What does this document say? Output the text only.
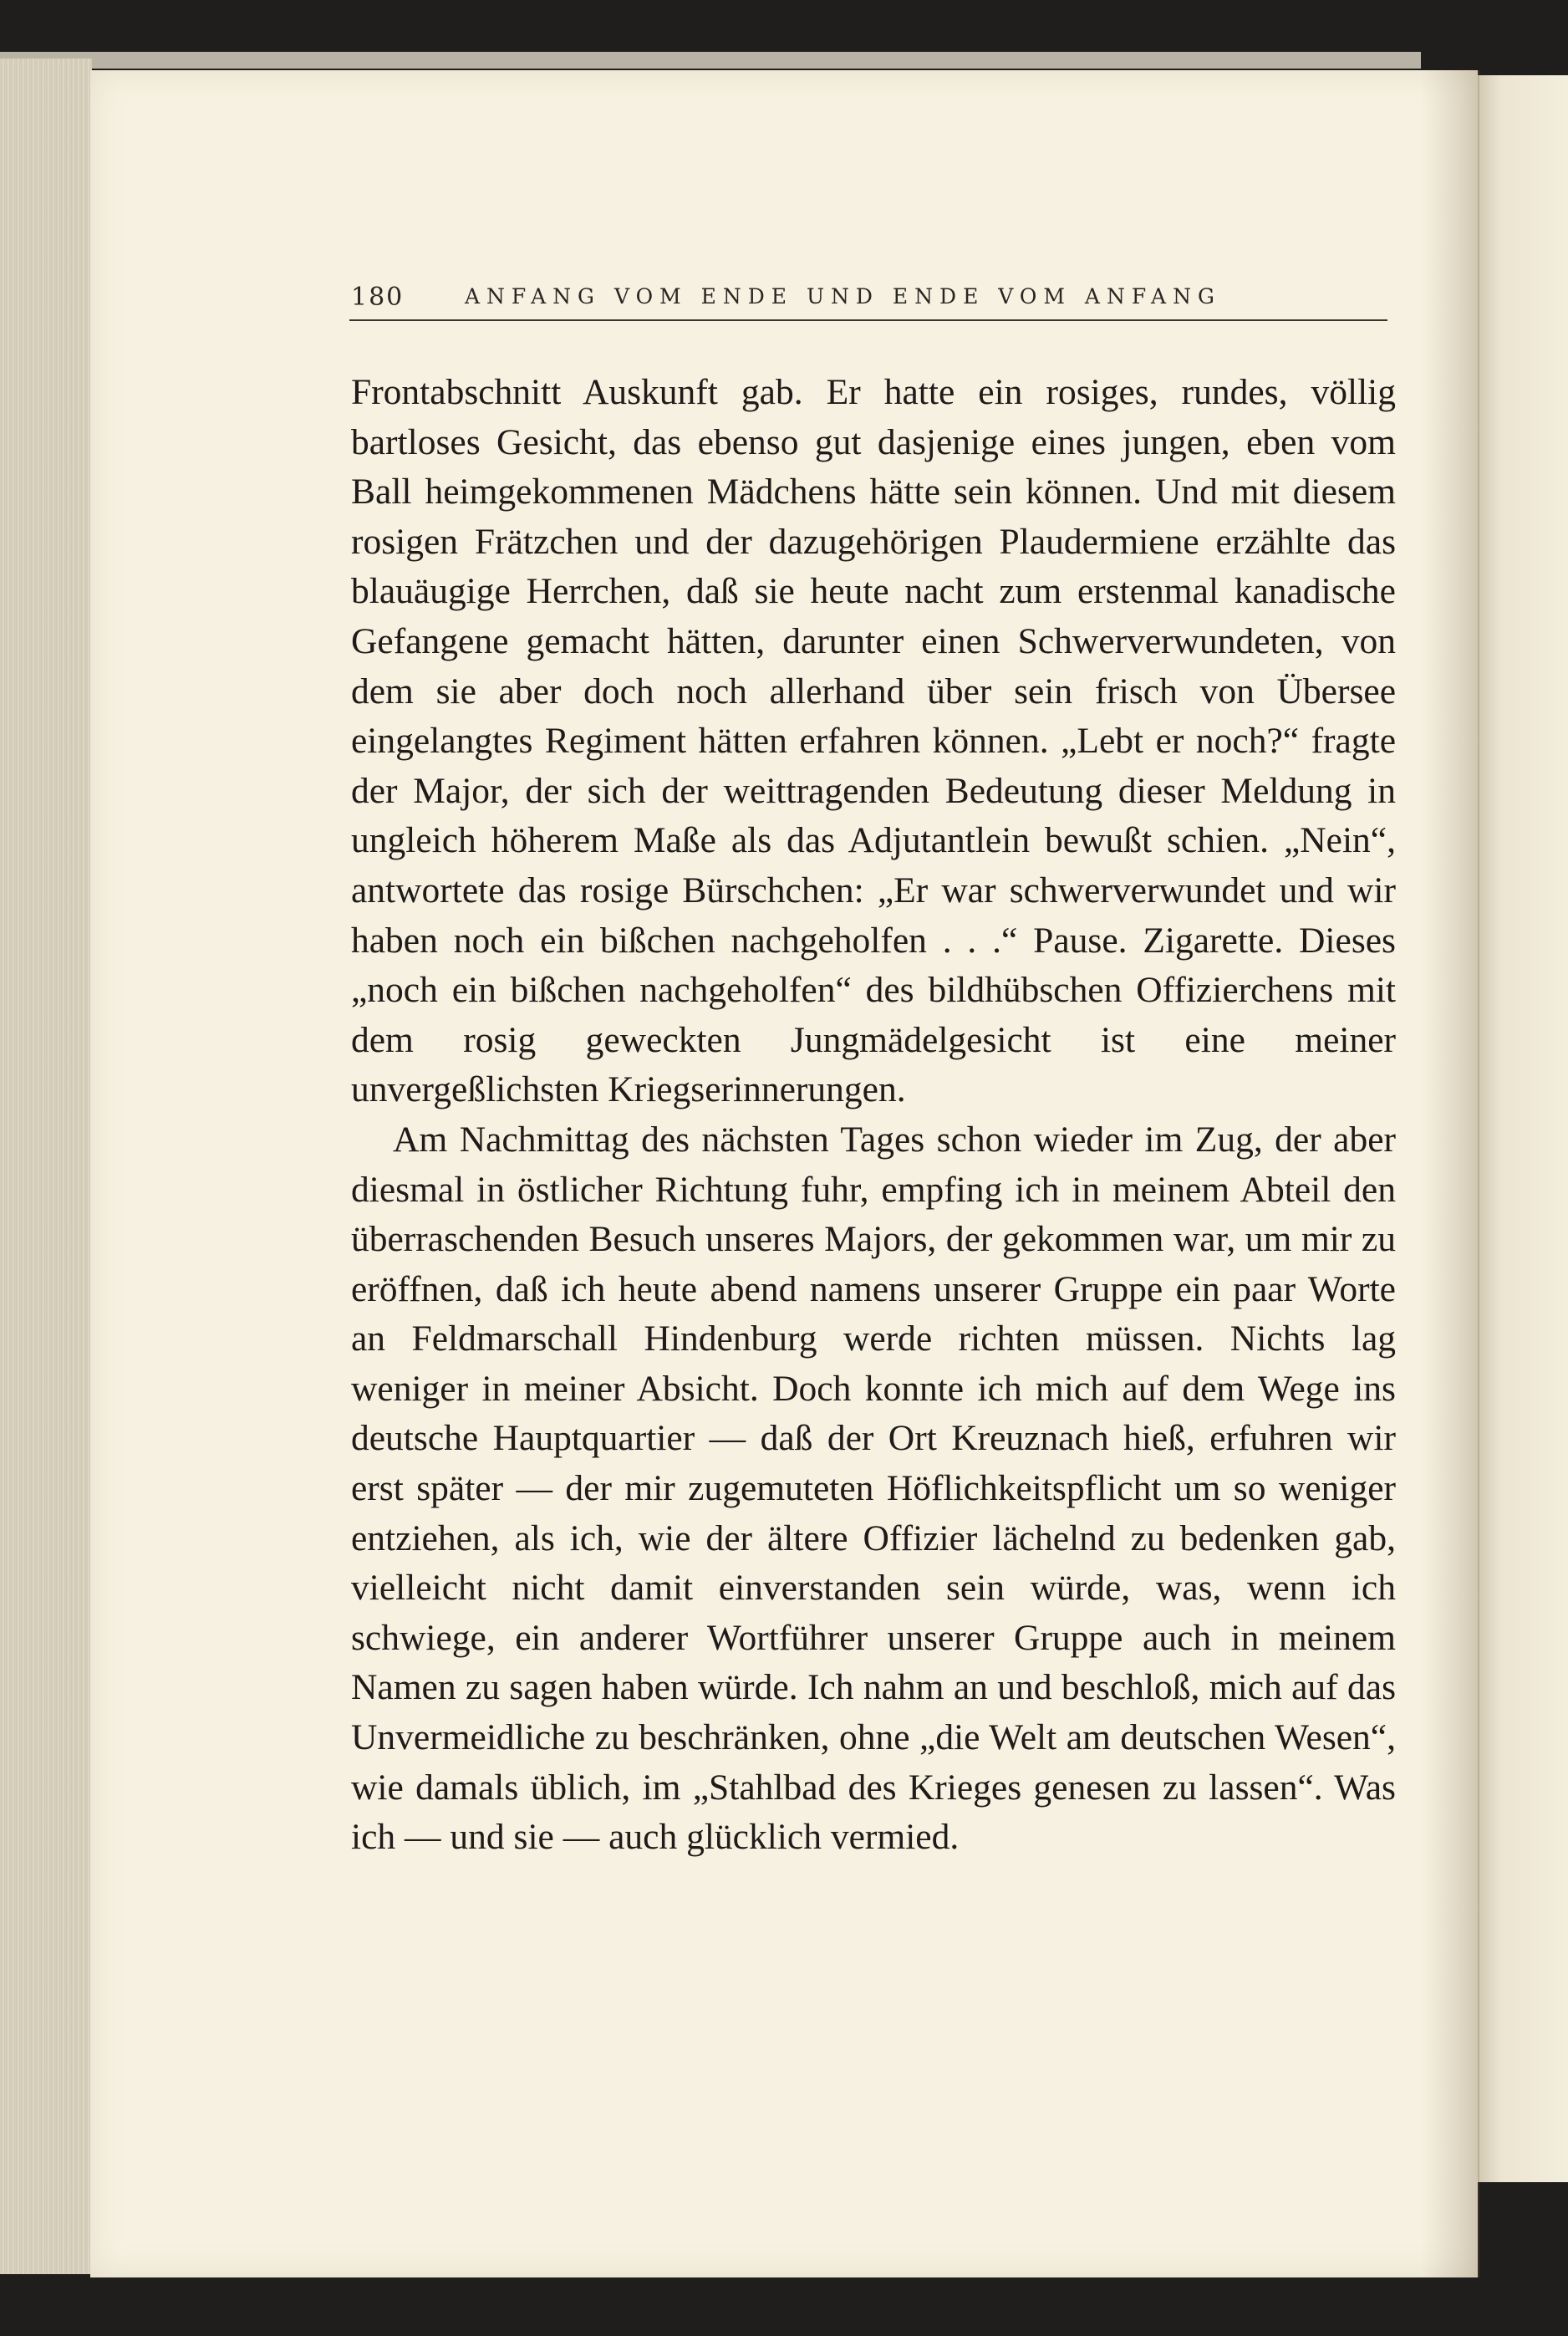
180	ANFANG VOM ENDE UND ENDE VOM ANFANG

Frontabschnitt Auskunft gab. Er hatte ein rosiges, rundes, völlig bartloses Gesicht, das ebenso gut dasjenige eines jungen, eben vom Ball heimgekommenen Mädchens hätte sein können. Und mit diesem rosigen Frätzchen und der dazugehörigen Plaudermiene erzählte das blauäugige Herrchen, daß sie heute nacht zum erstenmal kanadische Gefangene gemacht hätten, darunter einen Schwerverwundeten, von dem sie aber doch noch allerhand über sein frisch von Übersee eingelangtes Regiment hätten erfahren können. „Lebt er noch?“ fragte der Major, der sich der weittragenden Bedeutung dieser Meldung in ungleich höherem Maße als das Adjutantlein bewußt schien. „Nein“, antwortete das rosige Bürschchen: „Er war schwerverwundet und wir haben noch ein bißchen nachgeholfen . . .“ Pause. Zigarette. Dieses „noch ein bißchen nachgeholfen“ des bildhübschen Offizierchens mit dem rosig geweckten Jungmädelgesicht ist eine meiner unvergeßlichsten Kriegserinnerungen.

Am Nachmittag des nächsten Tages schon wieder im Zug, der aber diesmal in östlicher Richtung fuhr, empfing ich in meinem Abteil den überraschenden Besuch unseres Majors, der gekommen war, um mir zu eröffnen, daß ich heute abend namens unserer Gruppe ein paar Worte an Feldmarschall Hindenburg werde richten müssen. Nichts lag weniger in meiner Absicht. Doch konnte ich mich auf dem Wege ins deutsche Hauptquartier — daß der Ort Kreuznach hieß, erfuhren wir erst später — der mir zugemuteten Höflichkeitspflicht um so weniger entziehen, als ich, wie der ältere Offizier lächelnd zu bedenken gab, vielleicht nicht damit einverstanden sein würde, was, wenn ich schwiege, ein anderer Wortführer unserer Gruppe auch in meinem Namen zu sagen haben würde. Ich nahm an und beschloß, mich auf das Unvermeidliche zu beschränken, ohne „die Welt am deutschen Wesen“, wie damals üblich, im „Stahlbad des Krieges genesen zu lassen“. Was ich — und sie — auch glücklich vermied.
